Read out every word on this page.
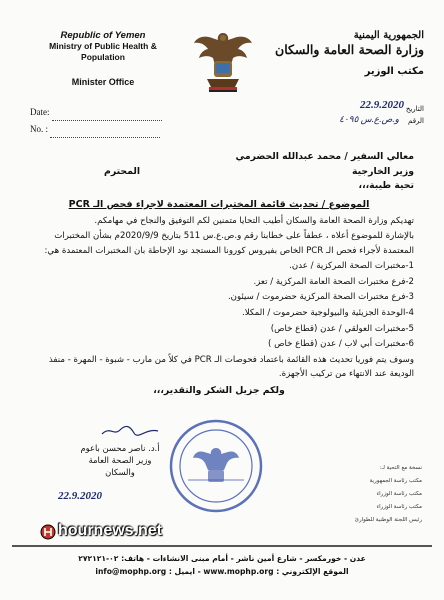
Republic of Yemen
Ministry of Public Health & Population
Minister Office
الجمهورية اليمنية
وزارة الصحة العامة والسكان
مكتب الوزير
Date:
No. :
التاريخ
الرقم
22.9.2020
و.ص.ع.س ٤٠٩٥
معالي السفير / محمد عبدالله الحضرمي
وزير الخارجية
المحترم
تحية طيبة،،،
الموضوع / تحديث قائمة المختبرات المعتمدة لاجراء فحص الـ PCR
تهديكم وزارة الصحة العامة والسكان أطيب التحايا متمنين لكم التوفيق والنجاح في مهامكم.
بالإشارة للموضوع أعلاه ، عطفاً على خطابنا رقم و.ص.ع.س 511 بتاريخ 2020/9/9م بشأن المختبرات المعتمدة لأجراء فحص الـ PCR الخاص بفيروس كورونا المستجد نود الإحاطة بان المختبرات المعتمدة هي:
1-مختبرات الصحة المركزية / عدن.
2-فرع مختبرات الصحة العامة المركزية / تعز.
3-فرع مختبرات الصحة المركزية حضرموت / سيئون.
4-الوحدة الجزيئية والبيولوجية حضرموت / المكلا.
5-مختبرات العولقي / عدن (قطاع خاص)
6-مختبرات أبي لاب / عدن (قطاع خاص )
وسوف يتم فوريا تحديث هذه القائمة باعتماد فحوصات الـ PCR في كلاً من مارب - شبوة - المهرة - منفذ الوديعة عند الانتهاء من تركيب الأجهزة.
ولكم جزيل الشكر والتقدير،،،
أ.د. ناصر محسن باعوم
وزير الصحة العامة
والسكان
22.9.2020
نسخة مع التحية لـ:
مكتب رئاسة الجمهورية
مكتب رئاسة الوزراء
مكتب رئاسة الوزراء
رئيس اللجنة الوطنية للطوارئ
hournews.net
عدن - خورمكسر - شارع أمين ناشر - أمام مبنى الانشاءات - هاتف: ٠٢-٢٧٢١٢١
الموقع الإلكتروني : www.mophp.org - ايميل : info@mophp.org
